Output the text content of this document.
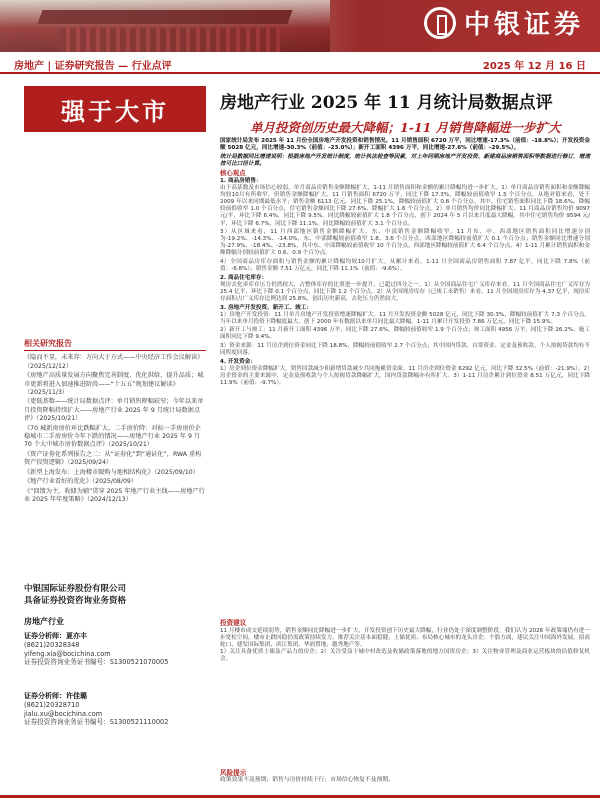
中银证券
房地产 | 证券研究报告 — 行业点评	2025 年 12 月 16 日
强于大市	房地产行业 2025 年 11 月统计局数据点评
单月投资创历史最大降幅；1-11 月销售降幅进一步扩大

国家统计局发布 2025 年 11 月份全国房地产开发投资和销售情况。11 月销售面积 6720 万平，同比增速-17.3%（前值：-18.8%）；开发投资金额 5028 亿元，同比增速-30.3%（前值：-23.0%）；新开工面积 4396 万平，同比增速-27.6%（前值：-29.5%）。

统计局数据同比增速说明：根据房地产开发统计制度，统计执法检查等因素，对上年同期房地产开发投资、新建商品房销售面积等数据进行修订，增速按可比口径计算。

核心观点
1. 商品房销售：

由于高基数及市场信心较弱，单月商品房销售金额降幅扩大，1-11 月销售面积和金额的累计降幅均进一步扩大。1）单月商品房销售面积和金额降幅均较10月有所收窄，但销售金额降幅扩大。11 月销售面积 6720 万平，同比下降 17.3%，降幅较前值收窄 1.5 个百分点，从绝对值来看，处于 2009 年以来同期最低水平；销售金额 6113 亿元，同比下降 25.1%，降幅较前值扩大 0.8 个百分点。其中，住宅销售面积同比下降 18.6%，降幅较前值收窄 1.0 个百分点，住宅销售金额同比下降 27.6%，降幅扩大 1.6 个百分点。2）单月销售均价同比降幅扩大。11 月商品房销售均价 9097 元/平，环比下降 6.4%，同比下降 9.5%。同比降幅较前值扩大 1.8 个百分点，创下 2024 年 5 月以来月度最大降幅。其中住宅销售均价 9594 元/平，环比下降 6.7%，同比下降 11.1%，同比降幅较前值扩大 3.1 个百分点。

3）从区域来看，11 月西部地区销售金额降幅扩大，东、中部销售金额降幅收窄。11 月东、中、西部地区销售面积同比增速分别为-19.2%、-14.3%、-14.0%，东、中部降幅较前值收窄 1.8、3.6 个百分点，西部地区降幅较前值扩大 0.1 个百分点；销售金额同比增速分别为-27.9%、-18.4%、-23.8%，其中东、中部降幅较前值收窄 10 个百分点，西部地区降幅较前值扩大 6.4 个百分点。4）1-11 月累计销售面积和金额降幅分别较前值扩大 0.6、0.9 个百分点。

4）全国商品房库存面积与销售金额的累计降幅均较10月扩大。从累计来看，1-11 月全国商品房销售面积 7.87 亿平，同比下降 7.8%（前值：-6.8%）；销售金额 7.51 万亿元，同比下降 11.1%（前值：-9.6%）。

2. 商品住宅库存：

现房去化率库存压力仍然较大，占整体库存的比重进一步提升，已超过四分之一。1）从全国商品住宅广义库存来看，11 月全国商品住宅广义库存为 25.4 亿平，环比下降 0.1 个百分点，同比下降 1.2 个百分点。2）从全国现房库存（已竣工未销售）来看，11 月全国现房库存为 4.37 亿平，现房库存面积占广义库存比例达到 25.8%，创出历史新高，去化压力仍然较大。

3. 房地产开发投资、新开工、竣工：

1）房地产开发投资：11 月单月房地产开发投资增速降幅扩大。11 月开发投资金额 5028 亿元，同比下降 30.3%，降幅较前值扩大 7.3 个百分点，当年以来单月投资下降幅度最大，创下 2000 年有数据以来单月同比最大降幅。1-11 月累计开发投资 7.86 万亿元，同比下降 15.9%。

2）新开工与竣工：11 月新开工面积 4396 万平，同比下降 27.6%，降幅较前值收窄 1.9 个百分点；竣工面积 4956 万平，同比下降 26.2%。施工面积同比下降 9.4%。

3）资金来源：11 月房企到位资金同比下降 18.8%，降幅较前值收窄 2.7 个百分点；其中国内贷款、自筹资金、定金及预收款、个人按揭贷款均有不同程度回落。

4. 开发资金：

1）房企到位资金降幅扩大，销售回款减少和新增贷款减少共同拖累资金面。11 月房企到位资金 6292 亿元，同比下降 32.5%（前值：-21.9%）。2）房企资金的主要来源中，定金及预收款与个人按揭贷款降幅扩大，国内贷款降幅亦有所扩大。3）1-11 月房企累计到位资金 8.51 万亿元，同比下降 11.9%（前值：-9.7%）。

投资建议

11 月楼市成交延续弱势，销售金额同比降幅进一步扩大，开发投资创下历史最大降幅，行业仍处于深度调整阶段。我们认为 2026 年政策端仍有进一步宽松空间，楼市止跌回稳仍需政策持续发力，推荐关注基本面稳健、土储优质、布局核心城市的龙头房企。个股方面，建议关注中国海外发展、招商蛇口、建发国际集团、滨江集团、华润置地、越秀地产等。

1）关注具备优质土储及产品力的房企；2）关注受益于城中村改造及收储政策落地的地方国资房企；3）关注物业管理及商业运营板块的估值修复机会。

风险提示
政策效果不及预期；销售与房价持续下行；市场信心恢复不及预期。
相关研究报告
《隐而不显，未来存：方向大于方式——中央经济工作会议解读》（2025/12/12）
《房地产高质量发展方向聚焦完善制度、优化供给、提升品质；城市更新将进入加速推进阶段——“十五五”规划建议解读》（2025/11/3）
《更低基数——统计局数据点评：单月销售降幅较窄；今年以来单月投资降幅持续扩大——房地产行业 2025 年 9 月统计局数据点评》（2025/10/21）
《70 城新房房价环比跌幅扩大，二手房价降：对标一手房房价企稳城市二手房房价今年下跌的情况——房地产行业 2025 年 9 月 70 个大中城市房价数据点评》（2025/10/21）
《资产证券化系列报告之二：从“证券化”到“通证化”，RWA 重构资产投资逻辑》（2025/09/24）
《新型上海发布：上海楼市限购与地相结构化》（2025/09/10）
《地产行业看好的优化》（2025/08/09）
《“回馈为主，收储为辅”贯穿 2025 年地产行业主线——房地产行业 2025 年年度策略》（2024/12/13）
中银国际证券股份有限公司
具备证券投资咨询业务资格
房地产行业
证券分析师：夏亦丰
(8621)20328348
yifeng.xia@bocichina.com
证券投资咨询业务证书编号：S1300521070005
证券分析师：许佳璐
(8621)20328710
jialu.xu@bocichina.com
证券投资咨询业务证书编号：S1300521110002
